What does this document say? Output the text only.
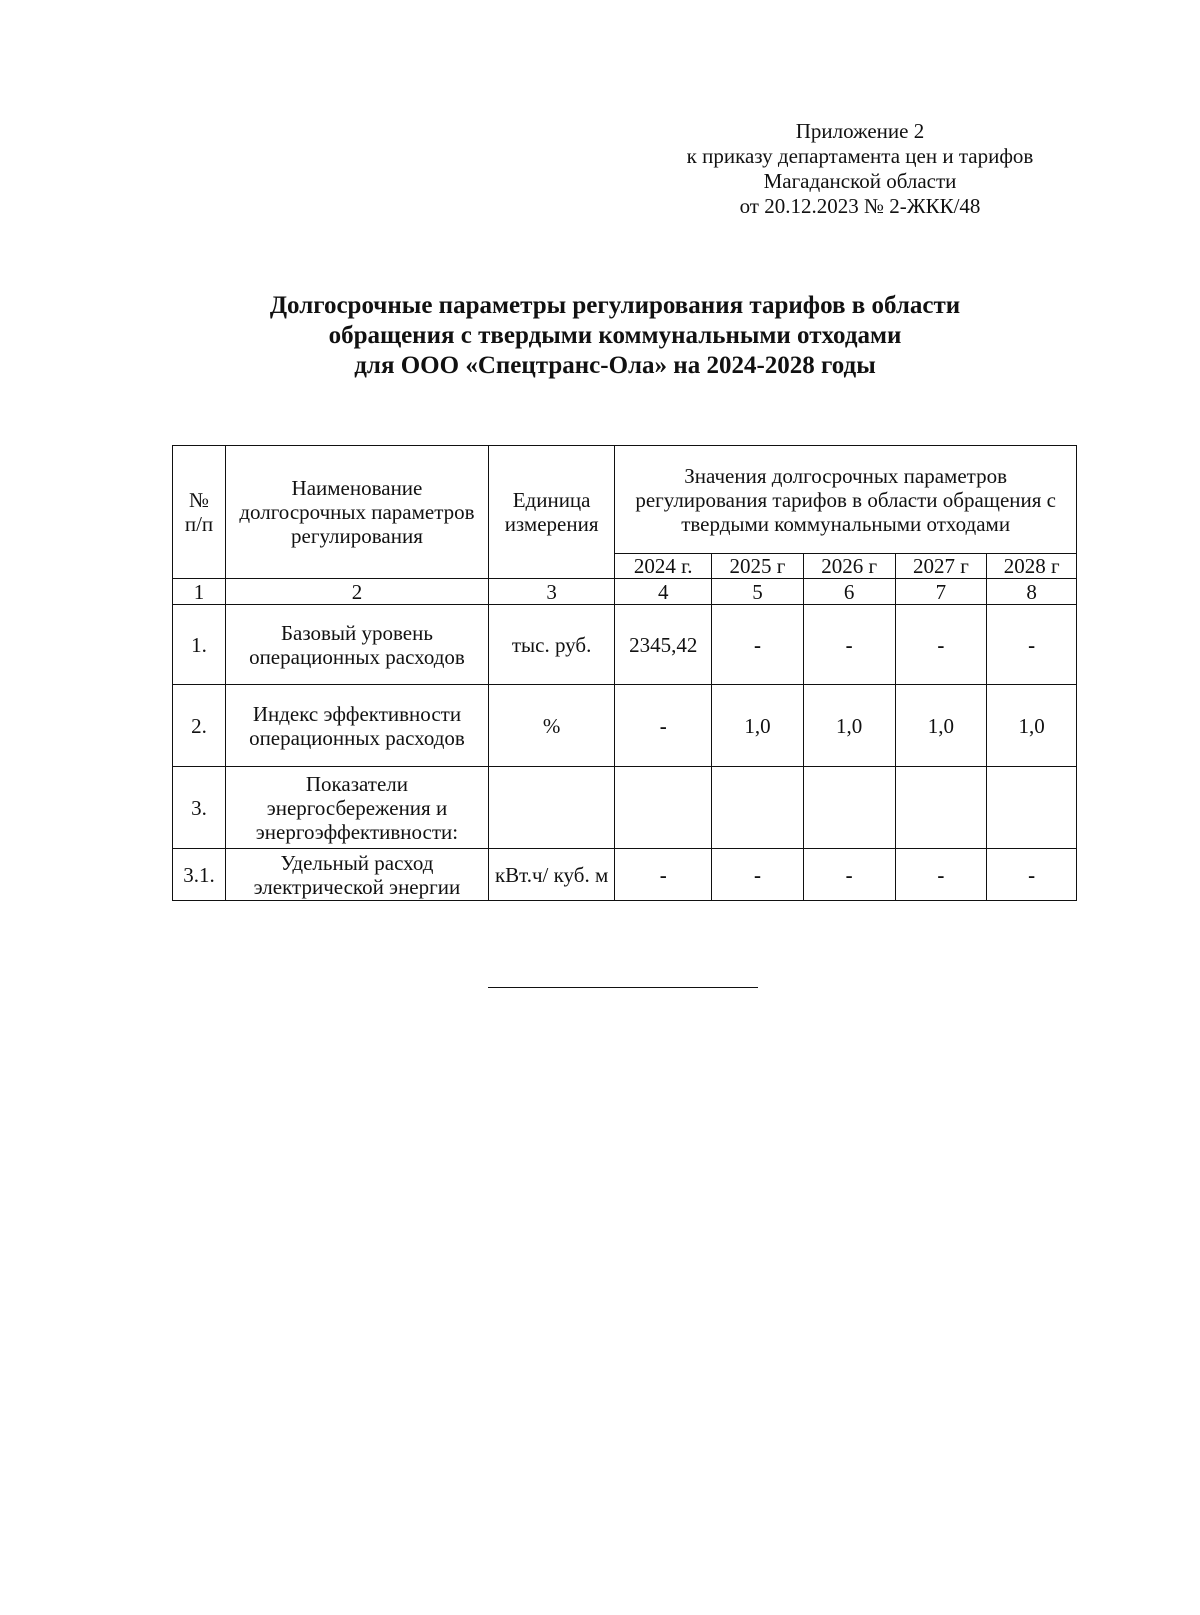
Приложение 2
к приказу департамента цен и тарифов
Магаданской области
от 20.12.2023 № 2-ЖКК/48
Долгосрочные параметры регулирования тарифов в области
обращения с твердыми коммунальными отходами
для ООО «Спецтранс-Ола» на 2024-2028 годы
№ п/п	Наименование долгосрочных параметров регулирования	Единица измерения	Значения долгосрочных параметров регулирования тарифов в области обращения с твердыми коммунальными отходами				
			2024 г.	2025 г	2026 г	2027 г	2028 г
1	2	3	4	5	6	7	8
1.	Базовый уровень операционных расходов	тыс. руб.	2345,42	-	-	-	-
2.	Индекс эффективности операционных расходов	%	-	1,0	1,0	1,0	1,0
3.	Показатели энергосбережения и энергоэффективности:						
3.1.	Удельный расход электрической энергии	кВт.ч/ куб. м	-	-	-	-	-
